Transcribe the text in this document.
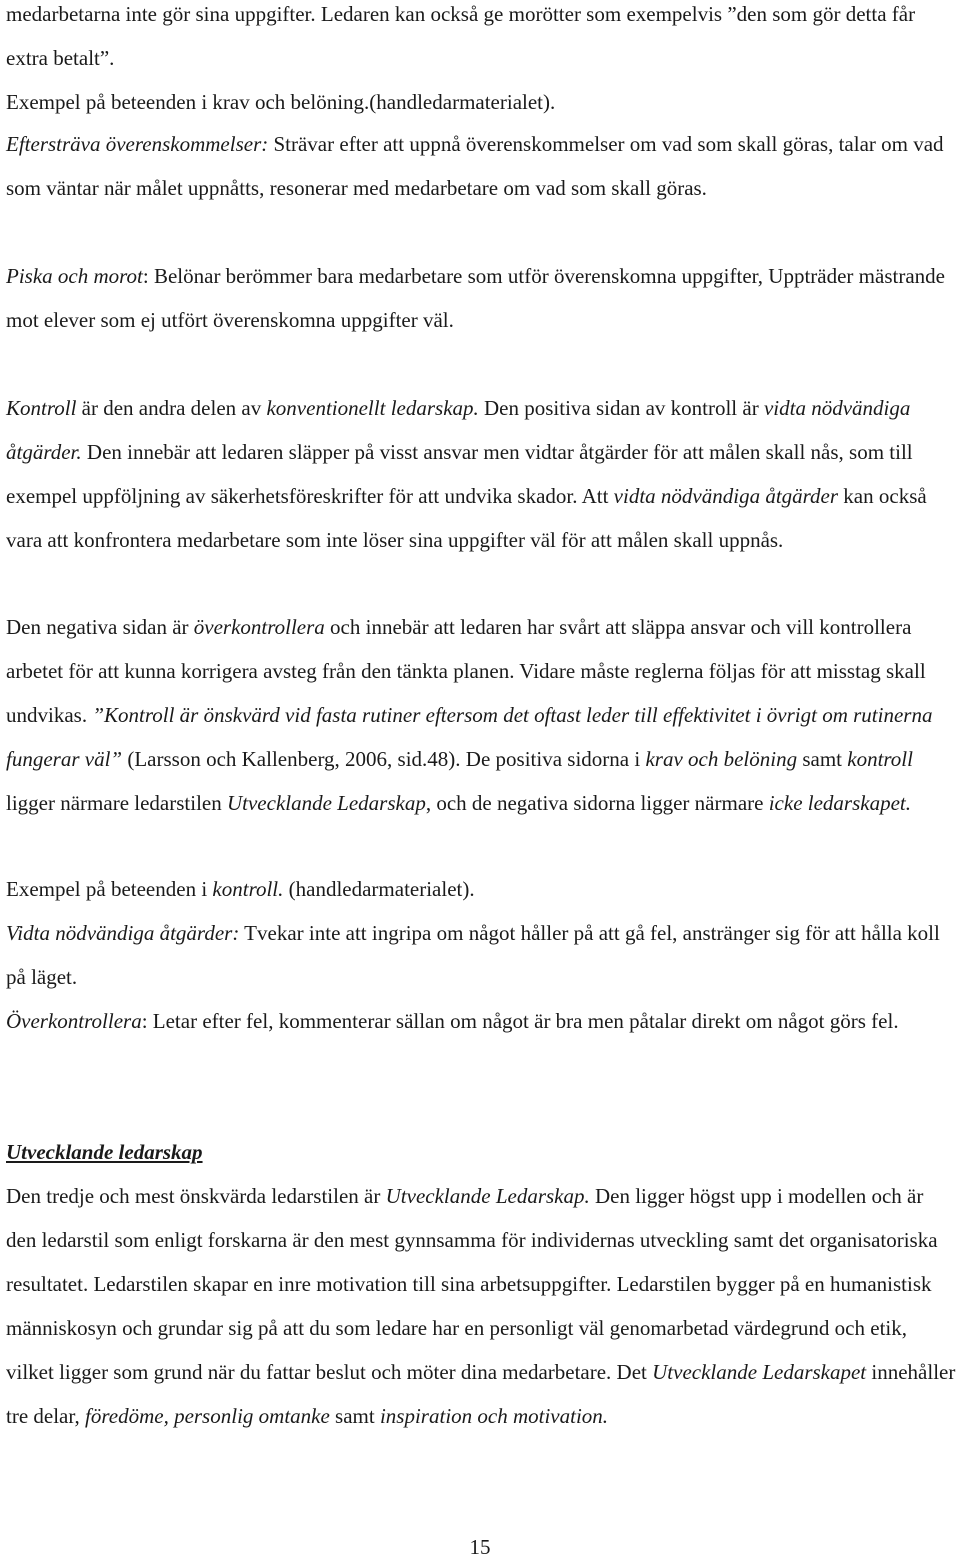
medarbetarna inte gör sina uppgifter. Ledaren kan också ge morötter som exempelvis ”den som gör detta får extra betalt”.
Exempel på beteenden i krav och belöning.(handledarmaterialet).

Eftersträva överenskommelser: Strävar efter att uppnå överenskommelser om vad som skall göras, talar om vad som väntar när målet uppnåtts, resonerar med medarbetare om vad som skall göras.

Piska och morot: Belönar berömmer bara medarbetare som utför överenskomna uppgifter, Uppträder mästrande mot elever som ej utfört överenskomna uppgifter väl.

Kontroll är den andra delen av konventionellt ledarskap. Den positiva sidan av kontroll är vidta nödvändiga åtgärder. Den innebär att ledaren släpper på visst ansvar men vidtar åtgärder för att målen skall nås, som till exempel uppföljning av säkerhetsföreskrifter för att undvika skador. Att vidta nödvändiga åtgärder kan också vara att konfrontera medarbetare som inte löser sina uppgifter väl för att målen skall uppnås.

Den negativa sidan är överkontrollera och innebär att ledaren har svårt att släppa ansvar och vill kontrollera arbetet för att kunna korrigera avsteg från den tänkta planen. Vidare måste reglerna följas för att misstag skall undvikas. ”Kontroll är önskvärd vid fasta rutiner eftersom det oftast leder till effektivitet i övrigt om rutinerna fungerar väl” (Larsson och Kallenberg, 2006, sid.48). De positiva sidorna i krav och belöning samt kontroll ligger närmare ledarstilen Utvecklande Ledarskap, och de negativa sidorna ligger närmare icke ledarskapet.

Exempel på beteenden i kontroll. (handledarmaterialet).

Vidta nödvändiga åtgärder: Tvekar inte att ingripa om något håller på att gå fel, anstränger sig för att hålla koll på läget.

Överkontrollera: Letar efter fel, kommenterar sällan om något är bra men påtalar direkt om något görs fel.

Utvecklande ledarskap

Den tredje och mest önskvärda ledarstilen är Utvecklande Ledarskap. Den ligger högst upp i modellen och är den ledarstil som enligt forskarna är den mest gynnsamma för individernas utveckling samt det organisatoriska resultatet. Ledarstilen skapar en inre motivation till sina arbetsuppgifter. Ledarstilen bygger på en humanistisk människosyn och grundar sig på att du som ledare har en personligt väl genomarbetad värdegrund och etik, vilket ligger som grund när du fattar beslut och möter dina medarbetare. Det Utvecklande Ledarskapet innehåller tre delar, föredöme, personlig omtanke samt inspiration och motivation.

15
